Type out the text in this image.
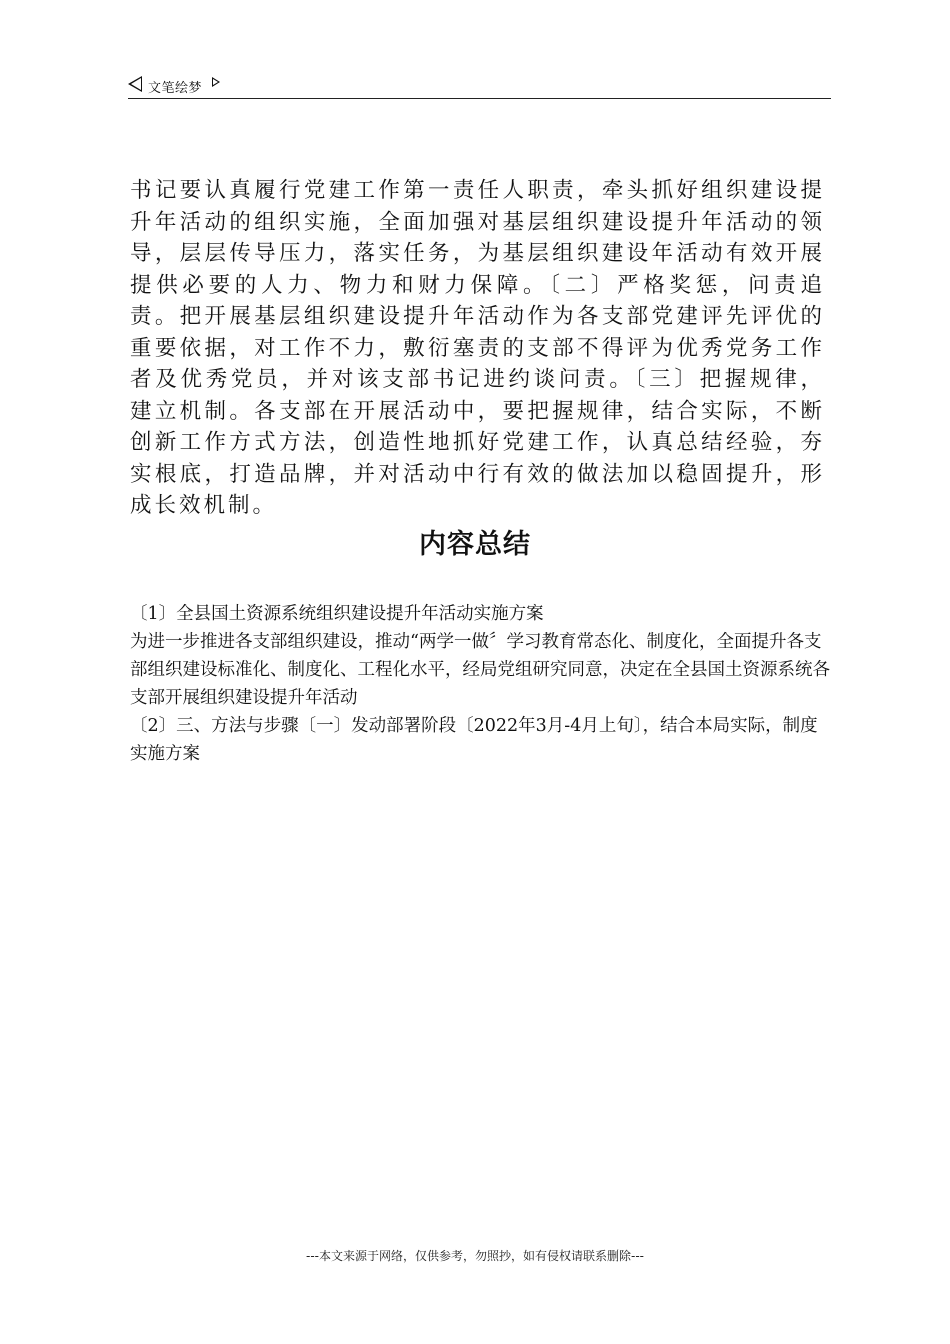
文笔绘梦

书记要认真履行党建工作第一责任人职责，牵头抓好组织建设提升年活动的组织实施，全面加强对基层组织建设提升年活动的领导，层层传导压力，落实任务，为基层组织建设年活动有效开展提供必要的人力、物力和财力保障。〔二〕严格奖惩，问责追责。把开展基层组织建设提升年活动作为各支部党建评先评优的重要依据，对工作不力，敷衍塞责的支部不得评为优秀党务工作者及优秀党员，并对该支部书记进约谈问责。〔三〕把握规律，建立机制。各支部在开展活动中，要把握规律，结合实际，不断创新工作方式方法，创造性地抓好党建工作，认真总结经验，夯实根底，打造品牌，并对活动中行有效的做法加以稳固提升，形成长效机制。

内容总结

〔1〕全县国土资源系统组织建设提升年活动实施方案

为进一步推进各支部组织建设，推动“两学一做〞学习教育常态化、制度化，全面提升各支部组织建设标准化、制度化、工程化水平，经局党组研究同意，决定在全县国土资源系统各支部开展组织建设提升年活动

〔2〕三、方法与步骤〔一〕发动部署阶段〔2022年3月-4月上旬〕，结合本局实际，制度实施方案

---本文来源于网络，仅供参考，勿照抄，如有侵权请联系删除---
